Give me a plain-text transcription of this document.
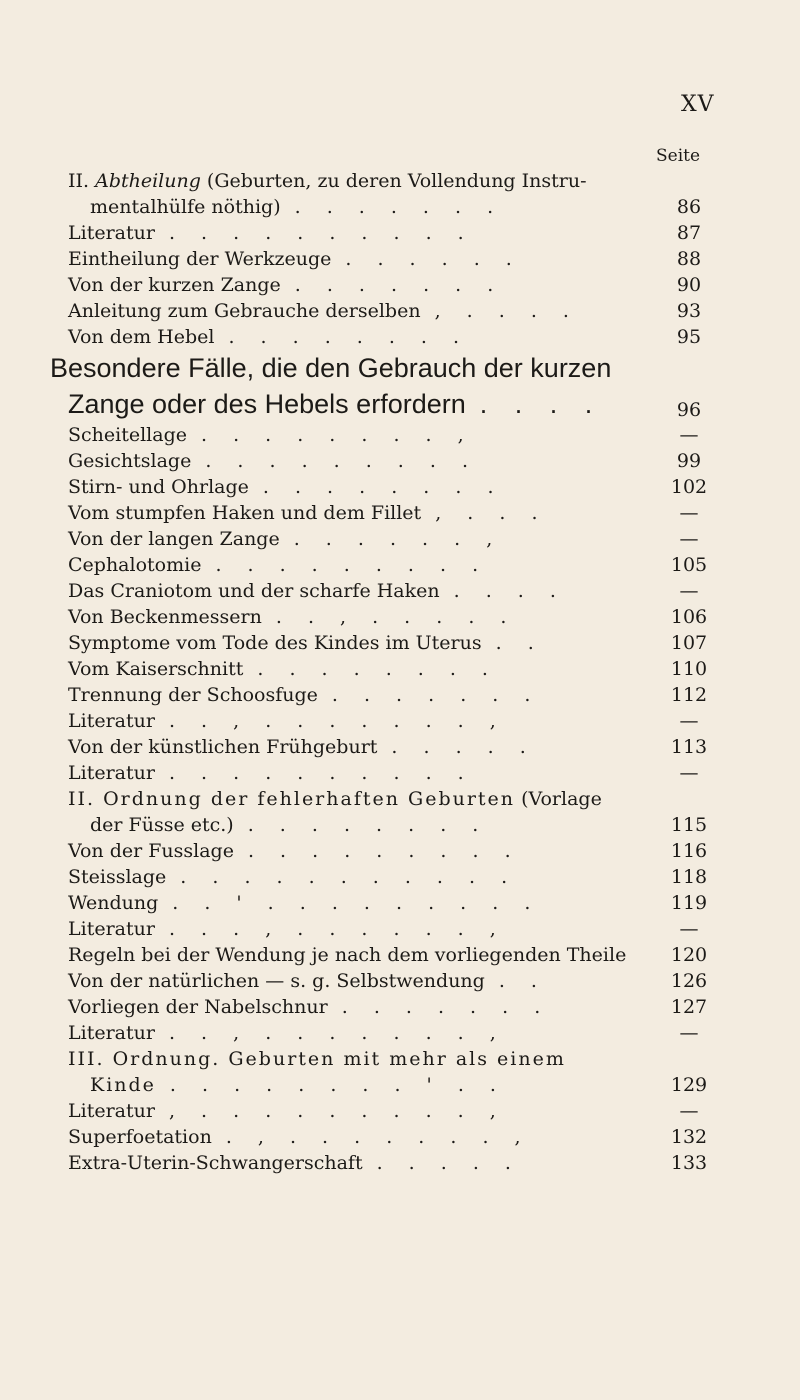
XV
Seite
II. Abtheilung (Geburten, zu deren Vollendung Instru-
mentalhülfe nöthig) . . . . . . .	86
Literatur . . . . . . . . . .	87
Eintheilung der Werkzeuge . . . . . .	88
Von der kurzen Zange . . . . . . .	90
Anleitung zum Gebrauche derselben , . . . .	93
Von dem Hebel . . . . . . . .	95
Besondere Fälle, die den Gebrauch der kurzen
Zange oder des Hebels erfordern . . . .	96
Scheitellage . . . . . . . . ,	—
Gesichtslage . . . . . . . . .	99
Stirn- und Ohrlage . . . . . . . .	102
Vom stumpfen Haken und dem Fillet , . . .	—
Von der langen Zange . . . . . . ,	—
Cephalotomie . . . . . . . . .	105
Das Craniotom und der scharfe Haken . . . .	—
Von Beckenmessern . . , . . . . .	106
Symptome vom Tode des Kindes im Uterus . .	107
Vom Kaiserschnitt . . . . . . . .	110
Trennung der Schoosfuge . . . . . . .	112
Literatur . . , . . . . . . . ,	—
Von der künstlichen Frühgeburt . . . . .	113
Literatur . . . . . . . . . .	—
II. Ordnung der fehlerhaften Geburten (Vorlage
der Füsse etc.) . . . . . . . .	115
Von der Fusslage . . . . . . . . .	116
Steisslage . . . . . . . . . . .	118
Wendung . . ' . . . . . . . . .	119
Literatur . . . , . . . . . . ,	—
Regeln bei der Wendung je nach dem vorliegenden Theile	120
Von der natürlichen — s. g. Selbstwendung . .	126
Vorliegen der Nabelschnur . . . . . . .	127
Literatur . . , . . . . . . . ,	—
III. Ordnung. Geburten mit mehr als einem
Kinde . . . . . . . . ' . .	129
Literatur , . . . . . . . . . ,	—
Superfoetation . , . . . . . . . ,	132
Extra-Uterin-Schwangerschaft . . . . .	133
